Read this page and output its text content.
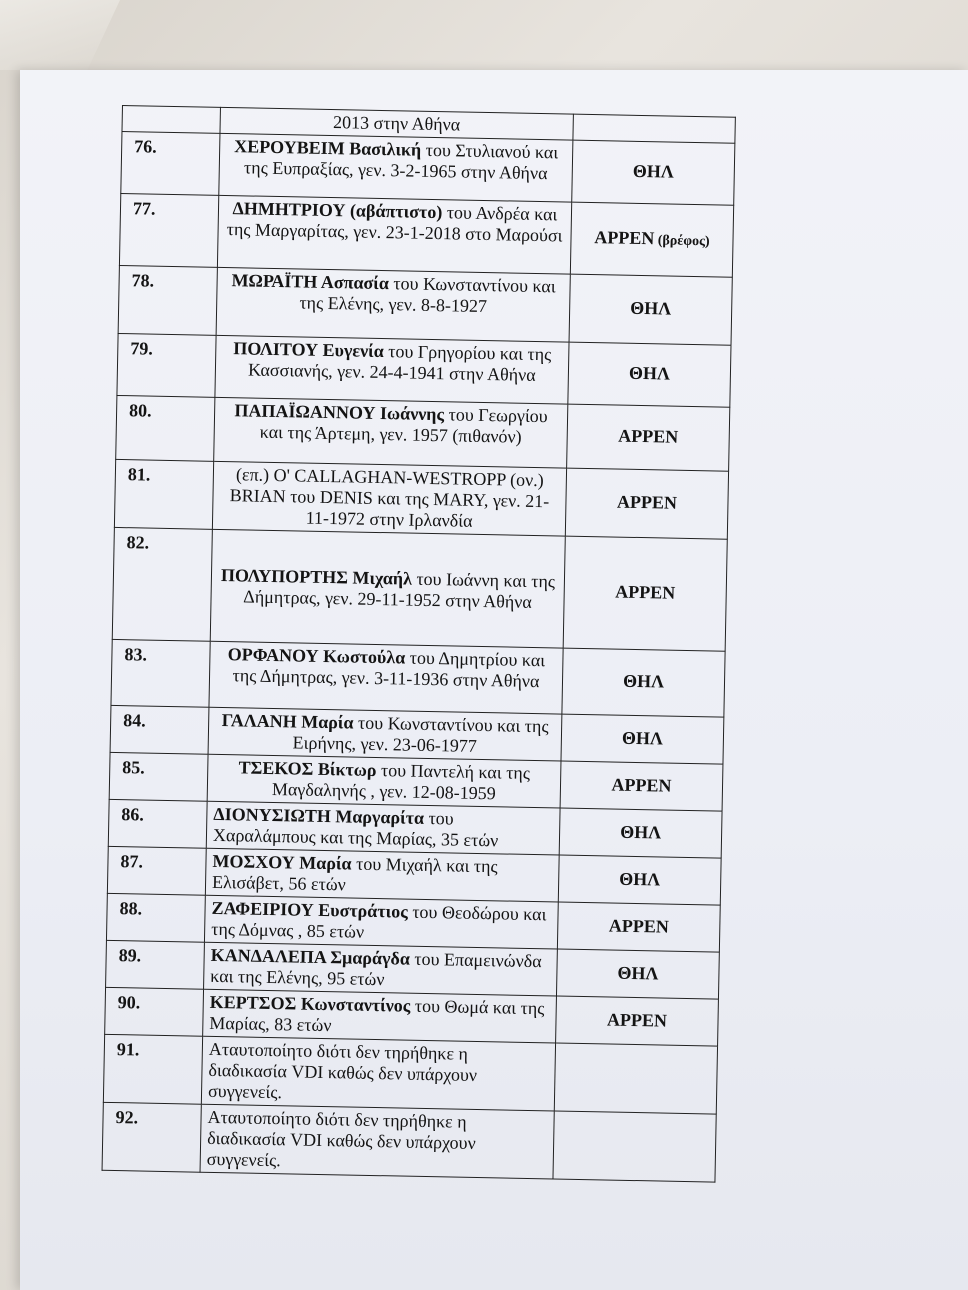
	2013 στην Αθήνα	
76.	ΧΕΡΟΥΒΕΙΜ Βασιλική του Στυλιανού και της Ευπραξίας, γεν. 3-2-1965 στην Αθήνα	ΘΗΛ
77.	ΔΗΜΗΤΡΙΟΥ (αβάπτιστο) του Ανδρέα και της Μαργαρίτας, γεν. 23-1-2018 στο Μαρούσι	ΑΡΡΕΝ (βρέφος)
78.	ΜΩΡΑΪΤΗ Ασπασία του Κωνσταντίνου και της Ελένης, γεν. 8-8-1927	ΘΗΛ
79.	ΠΟΛΙΤΟΥ Ευγενία του Γρηγορίου και της Κασσιανής, γεν. 24-4-1941 στην Αθήνα	ΘΗΛ
80.	ΠΑΠΑΪΩΑΝΝΟΥ Ιωάννης του Γεωργίου και της Άρτεμη, γεν. 1957 (πιθανόν)	ΑΡΡΕΝ
81.	(επ.) Ο' CALLAGHAN-WESTROPP (ον.) BRIAN του DENIS και της MARY, γεν. 21-11-1972 στην Ιρλανδία	ΑΡΡΕΝ
82.	ΠΟΛΥΠΟΡΤΗΣ Μιχαήλ του Ιωάννη και της Δήμητρας, γεν. 29-11-1952 στην Αθήνα	ΑΡΡΕΝ
83.	ΟΡΦΑΝΟΥ Κωστούλα του Δημητρίου και της Δήμητρας, γεν. 3-11-1936 στην Αθήνα	ΘΗΛ
84.	ΓΑΛΑΝΗ Μαρία του Κωνσταντίνου και της Ειρήνης, γεν. 23-06-1977	ΘΗΛ
85.	ΤΣΕΚΟΣ Βίκτωρ του Παντελή και της Μαγδαληνής , γεν. 12-08-1959	ΑΡΡΕΝ
86.	ΔΙΟΝΥΣΙΩΤΗ Μαργαρίτα του Χαραλάμπους και της Μαρίας, 35 ετών	ΘΗΛ
87.	ΜΟΣΧΟΥ Μαρία του Μιχαήλ και της Ελισάβετ, 56 ετών	ΘΗΛ
88.	ΖΑΦΕΙΡΙΟΥ Ευστράτιος του Θεοδώρου και της Δόμνας , 85 ετών	ΑΡΡΕΝ
89.	ΚΑΝΔΑΛΕΠΑ Σμαράγδα του Επαμεινώνδα και της Ελένης, 95 ετών	ΘΗΛ
90.	ΚΕΡΤΣΟΣ Κωνσταντίνος του Θωμά και της Μαρίας, 83 ετών	ΑΡΡΕΝ
91.	Αταυτοποίητο διότι δεν τηρήθηκε η διαδικασία VDI καθώς δεν υπάρχουν συγγενείς.	
92.	Αταυτοποίητο διότι δεν τηρήθηκε η διαδικασία VDI καθώς δεν υπάρχουν συγγενείς.	
